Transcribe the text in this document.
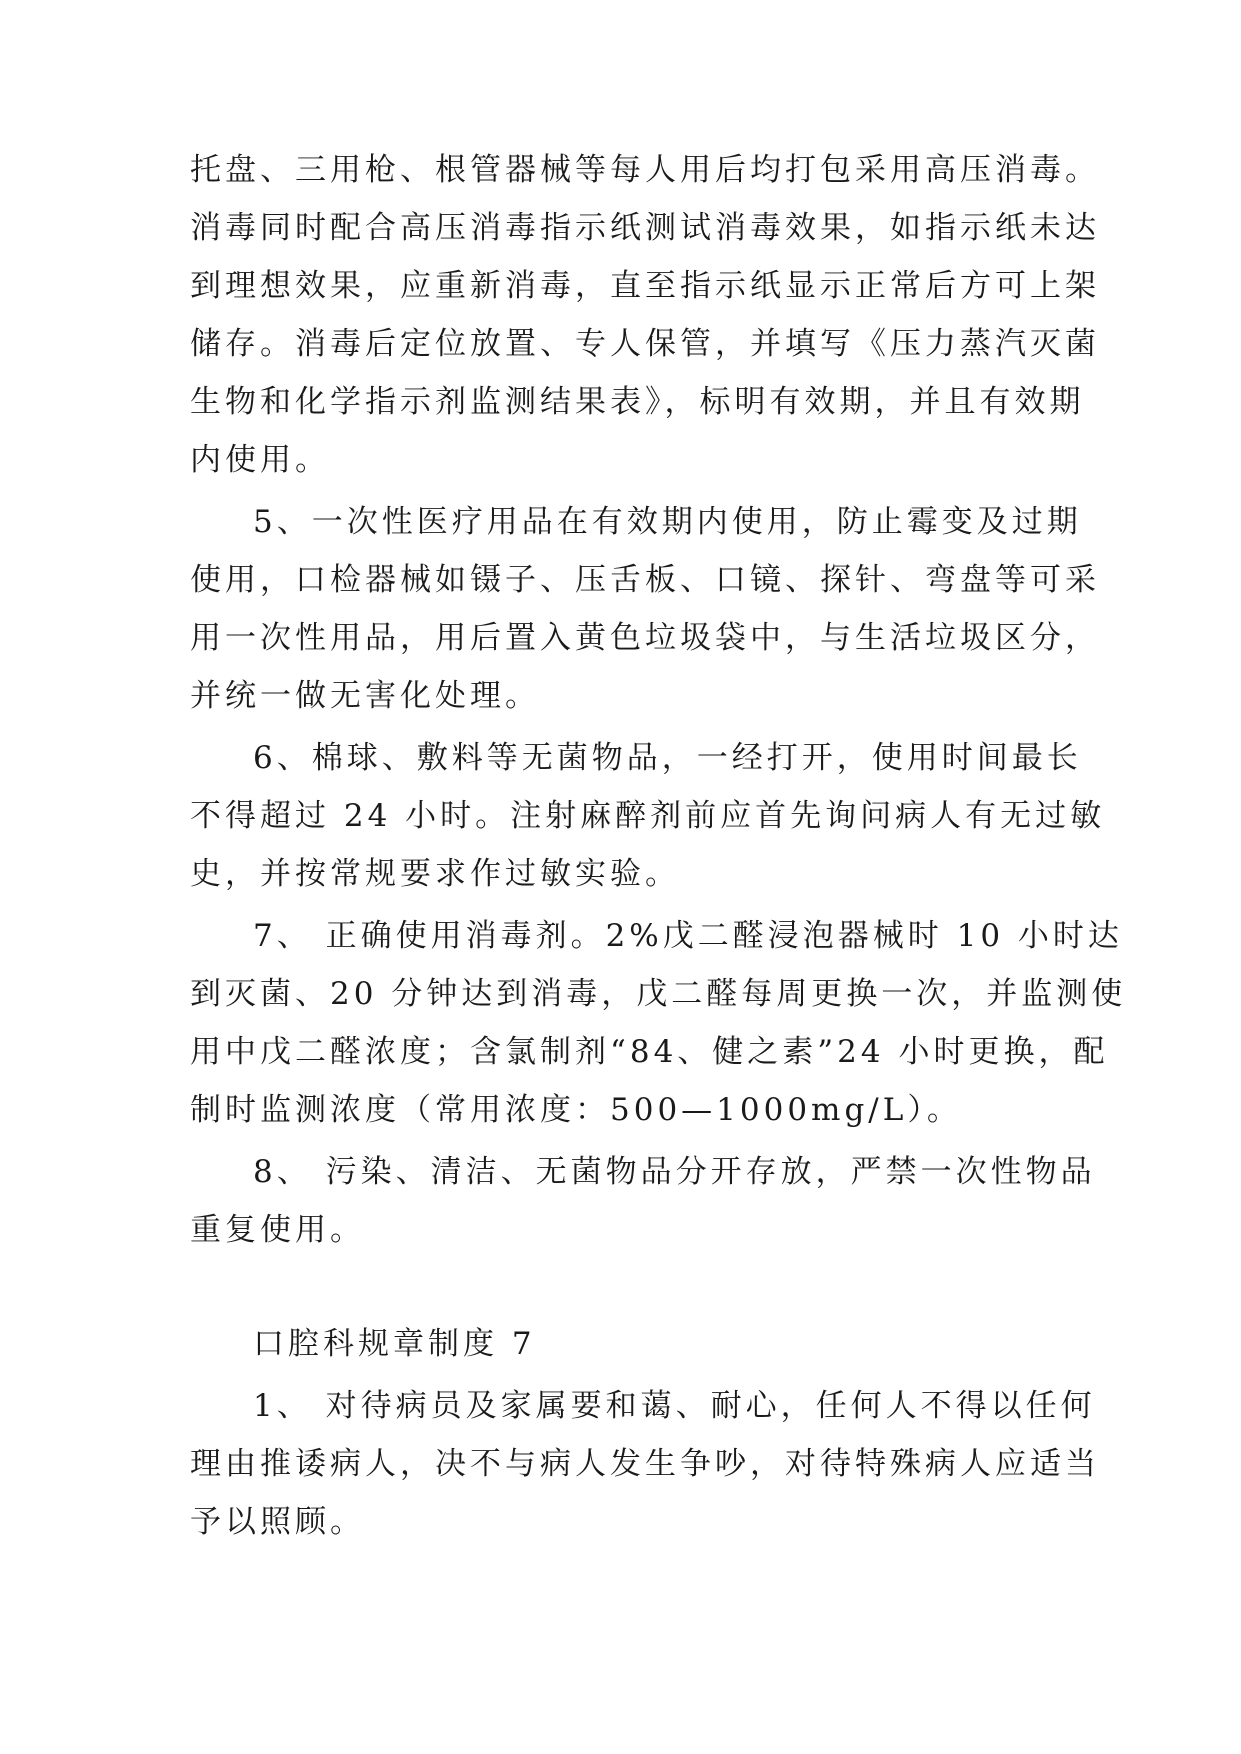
托盘、三用枪、根管器械等每人用后均打包采用高压消毒。
消毒同时配合高压消毒指示纸测试消毒效果，如指示纸未达
到理想效果，应重新消毒，直至指示纸显示正常后方可上架
储存。消毒后定位放置、专人保管，并填写《压力蒸汽灭菌
生物和化学指示剂监测结果表》，标明有效期，并且有效期
内使用。
5、一次性医疗用品在有效期内使用，防止霉变及过期
使用，口检器械如镊子、压舌板、口镜、探针、弯盘等可采
用一次性用品，用后置入黄色垃圾袋中，与生活垃圾区分，
并统一做无害化处理。
6、棉球、敷料等无菌物品，一经打开，使用时间最长
不得超过 24 小时。注射麻醉剂前应首先询问病人有无过敏
史，并按常规要求作过敏实验。
7、 正确使用消毒剂。2%戊二醛浸泡器械时 10 小时达
到灭菌、20 分钟达到消毒，戊二醛每周更换一次，并监测使
用中戊二醛浓度；含氯制剂“84、健之素”24 小时更换，配
制时监测浓度（常用浓度：500—1000mg/L）。
8、 污染、清洁、无菌物品分开存放，严禁一次性物品
重复使用。
口腔科规章制度 7
1、 对待病员及家属要和蔼、耐心，任何人不得以任何
理由推诿病人，决不与病人发生争吵，对待特殊病人应适当
予以照顾。
